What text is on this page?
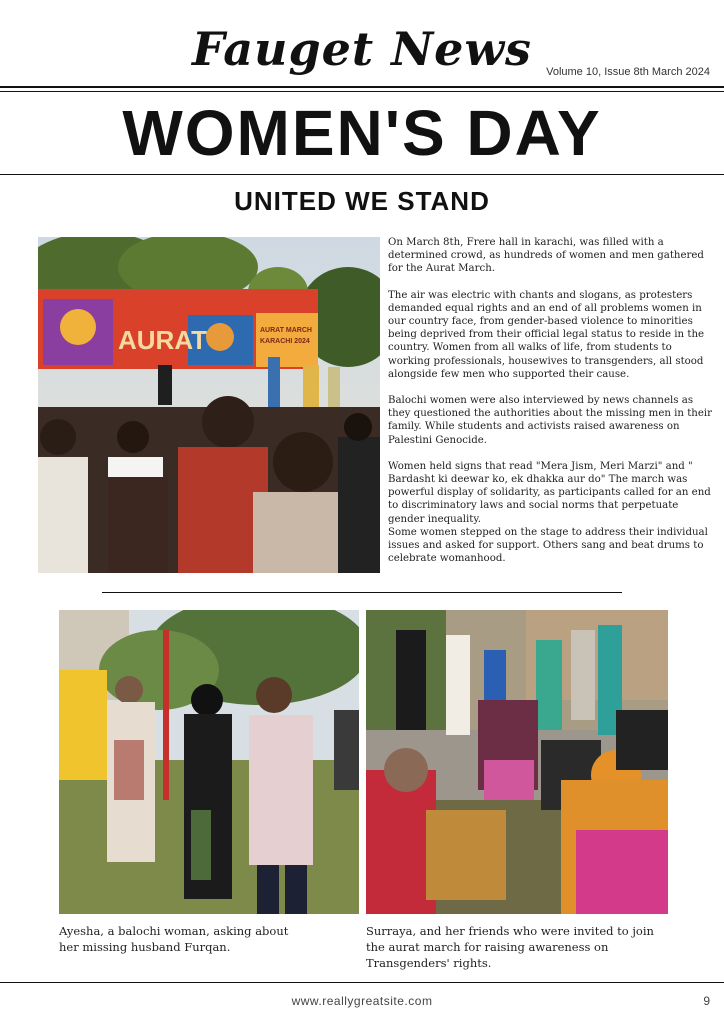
Fauget News	Volume 10, Issue 8th March 2024
WOMEN'S DAY
UNITED WE STAND
AURAT	AURAT MARCH
KARACHI 2024

On March 8th, Frere hall in karachi, was filled with a determined crowd, as hundreds of women and men gathered for the Aurat March.

The air was electric with chants and slogans, as protesters demanded equal rights and an end of all problems women in our country face, from gender-based violence to minorities being deprived from their official legal status to reside in the country. Women from all walks of life, from students to working professionals, housewives to transgenders, all stood alongside few men who supported their cause.

Balochi women were also interviewed by news channels as they questioned the authorities about the missing men in their family. While students and activists raised awareness on Palestini Genocide.

Women held signs that read "Mera Jism, Meri Marzi" and " Bardasht ki deewar ko, ek dhakka aur do" The march was powerful display of solidarity, as participants called for an end to discriminatory laws and social norms that perpetuate gender inequality.

Some women stepped on the stage to address their individual issues and asked for support. Others sang and beat drums to celebrate womanhood.

Ayesha, a balochi woman, asking about her missing husband Furqan.
Surraya, and her friends who were invited to join the aurat march for raising awareness on Transgenders' rights.
www.reallygreatsite.com	9
